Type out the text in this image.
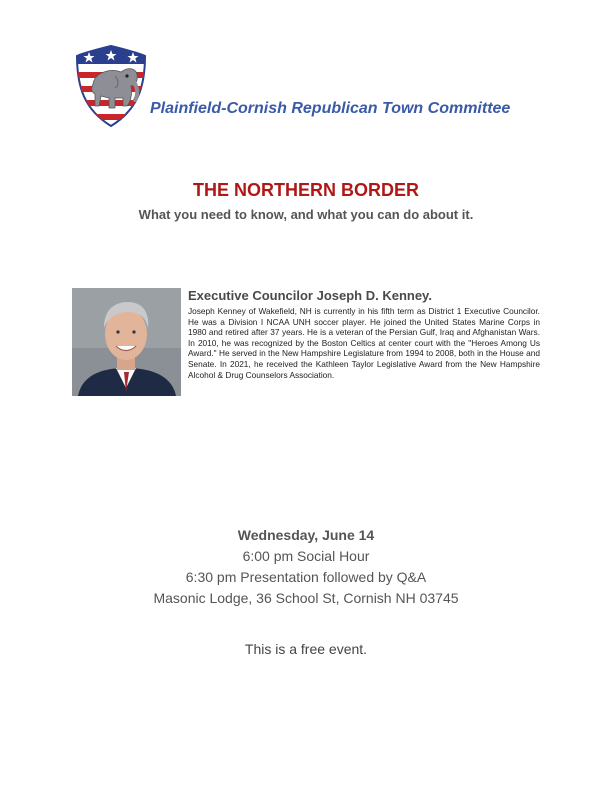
Plainfield-Cornish Republican Town Committee
THE NORTHERN BORDER
What you need to know, and what you can do about it.
Executive Councilor Joseph D. Kenney.
Joseph Kenney of Wakefield, NH is currently in his fifth term as District 1 Executive Councilor. He was a Division I NCAA UNH soccer player. He joined the United States Marine Corps in 1980 and retired after 37 years. He is a veteran of the Persian Gulf, Iraq and Afghanistan Wars. In 2010, he was recognized by the Boston Celtics at center court with the "Heroes Among Us Award." He served in the New Hampshire Legislature from 1994 to 2008, both in the House and Senate. In 2021, he received the Kathleen Taylor Legislative Award from the New Hampshire Alcohol & Drug Counselors Association.
Wednesday, June 14
6:00 pm Social Hour
6:30 pm Presentation followed by Q&A
Masonic Lodge, 36 School St, Cornish NH 03745
This is a free event.
